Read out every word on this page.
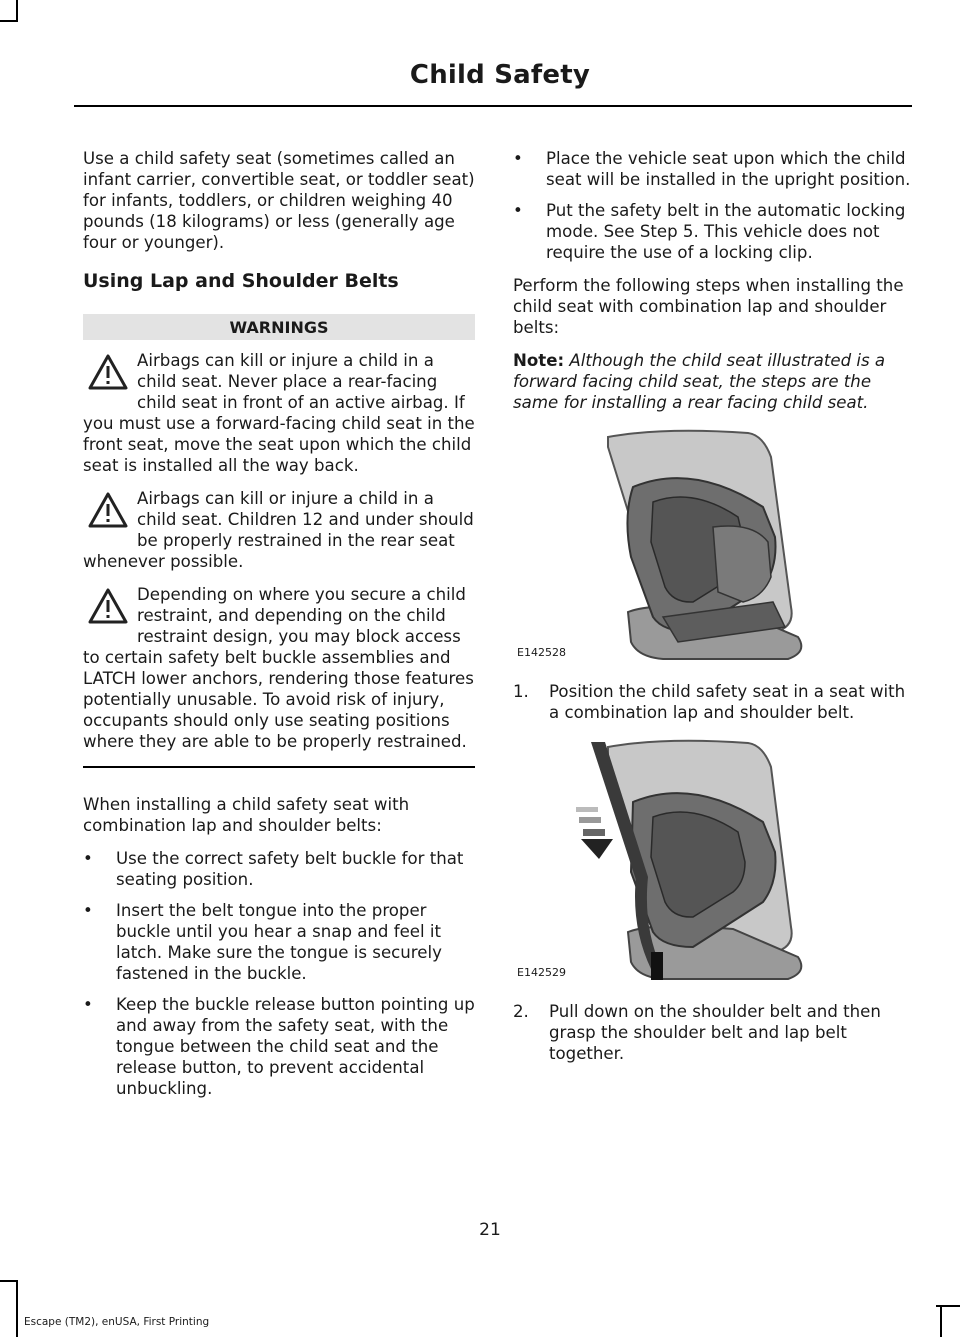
Child Safety

Use a child safety seat (sometimes called an infant carrier, convertible seat, or toddler seat) for infants, toddlers, or children weighing 40 pounds (18 kilograms) or less (generally age four or younger).

Using Lap and Shoulder Belts
WARNINGS
Airbags can kill or injure a child in a child seat. Never place a rear-facing child seat in front of an active airbag. If you must use a forward-facing child seat in the front seat, move the seat upon which the child seat is installed all the way back.
Airbags can kill or injure a child in a child seat. Children 12 and under should be properly restrained in the rear seat whenever possible.
Depending on where you secure a child restraint, and depending on the child restraint design, you may block access to certain safety belt buckle assemblies and LATCH lower anchors, rendering those features potentially unusable. To avoid risk of injury, occupants should only use seating positions where they are able to be properly restrained.

When installing a child safety seat with combination lap and shoulder belts:

• Use the correct safety belt buckle for that seating position.
• Insert the belt tongue into the proper buckle until you hear a snap and feel it latch. Make sure the tongue is securely fastened in the buckle.
• Keep the buckle release button pointing up and away from the safety seat, with the tongue between the child seat and the release button, to prevent accidental unbuckling.
• Place the vehicle seat upon which the child seat will be installed in the upright position.
• Put the safety belt in the automatic locking mode. See Step 5. This vehicle does not require the use of a locking clip.

Perform the following steps when installing the child seat with combination lap and shoulder belts:

Note: Although the child seat illustrated is a forward facing child seat, the steps are the same for installing a rear facing child seat.

E142528
1. Position the child safety seat in a seat with a combination lap and shoulder belt.
E142529
2. Pull down on the shoulder belt and then grasp the shoulder belt and lap belt together.
21
Escape (TM2), enUSA, First Printing
